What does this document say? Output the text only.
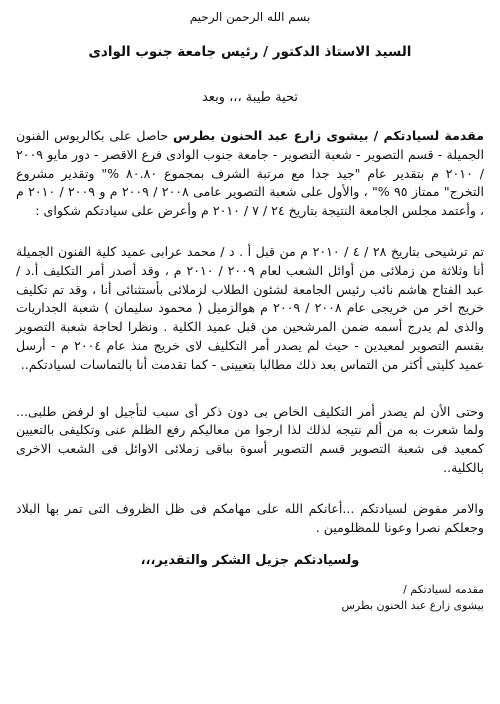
بسم الله الرحمن الرحيم
السيد الاستاذ الدكتور / رئيس جامعة جنوب الوادى
تحية طيبة ،،، وبعد

مقدمة لسيادتكم / بيشوى زارع عبد الحنون بطرس حاصل على بكالريوس الفنون الجميلة - قسم التصوير - شعبة التصوير - جامعة جنوب الوادى فرع الاقصر - دور مايو ٢٠٠٩ / ٢٠١٠ م بتقدير عام "جيد جدا مع مرتبة الشرف بمجموع ٨٠.٨٠ %" وتقدير مشروع التخرج" ممتاز ٩٥ %" ، والأول على شعبة التصوير عامى ٢٠٠٨ / ٢٠٠٩ م و ٢٠٠٩ / ٢٠١٠ م ، وأعتمد مجلس الجامعة النتيجة بتاريخ ٢٤ / ٧ / ٢٠١٠ م وأعرض على سيادتكم شكواى :

تم ترشيحى بتاريخ ٢٨ / ٤ / ٢٠١٠ م من قبل أ . د / محمد عرابى عميد كلية الفنون الجميلة أنا وثلاثة من زملائى من أوائل الشعب لعام ٢٠٠٩ / ٢٠١٠ م ، وقد أصدر أمر التكليف أ.د / عبد الفتاح هاشم نائب رئيس الجامعة لشئون الطلاب لزملائى بأستثنائى أنا ، وقد تم تكليف خريج اخر من خريجى عام ٢٠٠٨ / ٢٠٠٩ م هوالزميل ( محمود سليمان ) شعبة الجداريات والذى لم يدرج أسمه ضمن المرشحين من قبل عميد الكلية . ونظرا لحاجة شعبة التصوير بقسم التصوير لمعيدين - حيث لم يصدر أمر التكليف لاى خريج منذ عام ٢٠٠٤ م - أرسل عميد كليتى أكثر من التماس بعد ذلك مطالبا بتعيينى - كما تقدمت أنا بالتماسات لسيادتكم..

وحتى الأن لم يصدر أمر التكليف الخاص بى دون ذكر أى سبب لتأجيل او لرفض طلبى... ولما شعرت به من ألم نتيجه لذلك لذا ارجوا من معاليكم رفع الظلم عنى وتكليفى بالتعيين كمعيد فى شعبة التصوير قسم التصوير أسوة بباقى زملائى الاوائل فى الشعب الاخرى بالكلية..

والامر مفوض لسيادتكم ...أعانكم الله على مهامكم فى ظل الظروف التى تمر بها البلاد وجعلكم نصرا وعونا للمظلومين .

ولسيادتكم جزيل الشكر والتقدير،،،
مقدمه لسيادتكم /
بيشوى زارع عبد الحنون بطرس
